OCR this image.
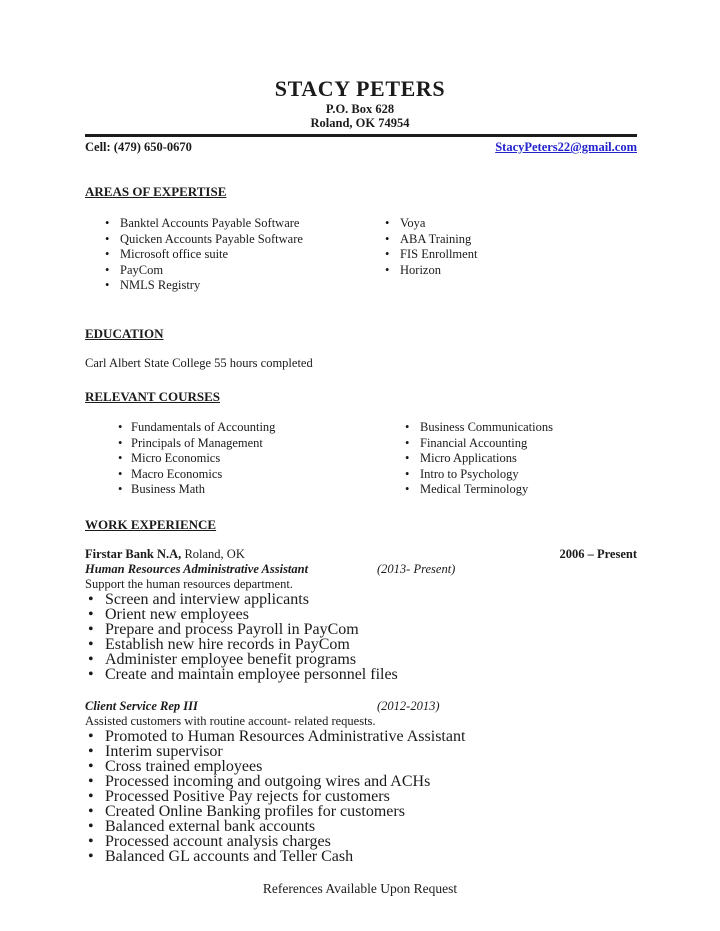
STACY PETERS
P.O. Box 628
Roland, OK 74954
Cell: (479) 650-0670	StacyPeters22@gmail.com
AREAS OF EXPERTISE
• Banktel Accounts Payable Software
• Quicken Accounts Payable Software
• Microsoft office suite
• PayCom
• NMLS Registry
• Voya
• ABA Training
• FIS Enrollment
• Horizon
EDUCATION
Carl Albert State College 55 hours completed
RELEVANT COURSES
• Fundamentals of Accounting
• Principals of Management
• Micro Economics
• Macro Economics
• Business Math
• Business Communications
• Financial Accounting
• Micro Applications
• Intro to Psychology
• Medical Terminology
WORK EXPERIENCE
Firstar Bank N.A, Roland, OK	2006 – Present
Human Resources Administrative Assistant	(2013- Present)
Support the human resources department.
• Screen and interview applicants
• Orient new employees
• Prepare and process Payroll in PayCom
• Establish new hire records in PayCom
• Administer employee benefit programs
• Create and maintain employee personnel files
Client Service Rep III	(2012-2013)
Assisted customers with routine account- related requests.
• Promoted to Human Resources Administrative Assistant
• Interim supervisor
• Cross trained employees
• Processed incoming and outgoing wires and ACHs
• Processed Positive Pay rejects for customers
• Created Online Banking profiles for customers
• Balanced external bank accounts
• Processed account analysis charges
• Balanced GL accounts and Teller Cash
References Available Upon Request
